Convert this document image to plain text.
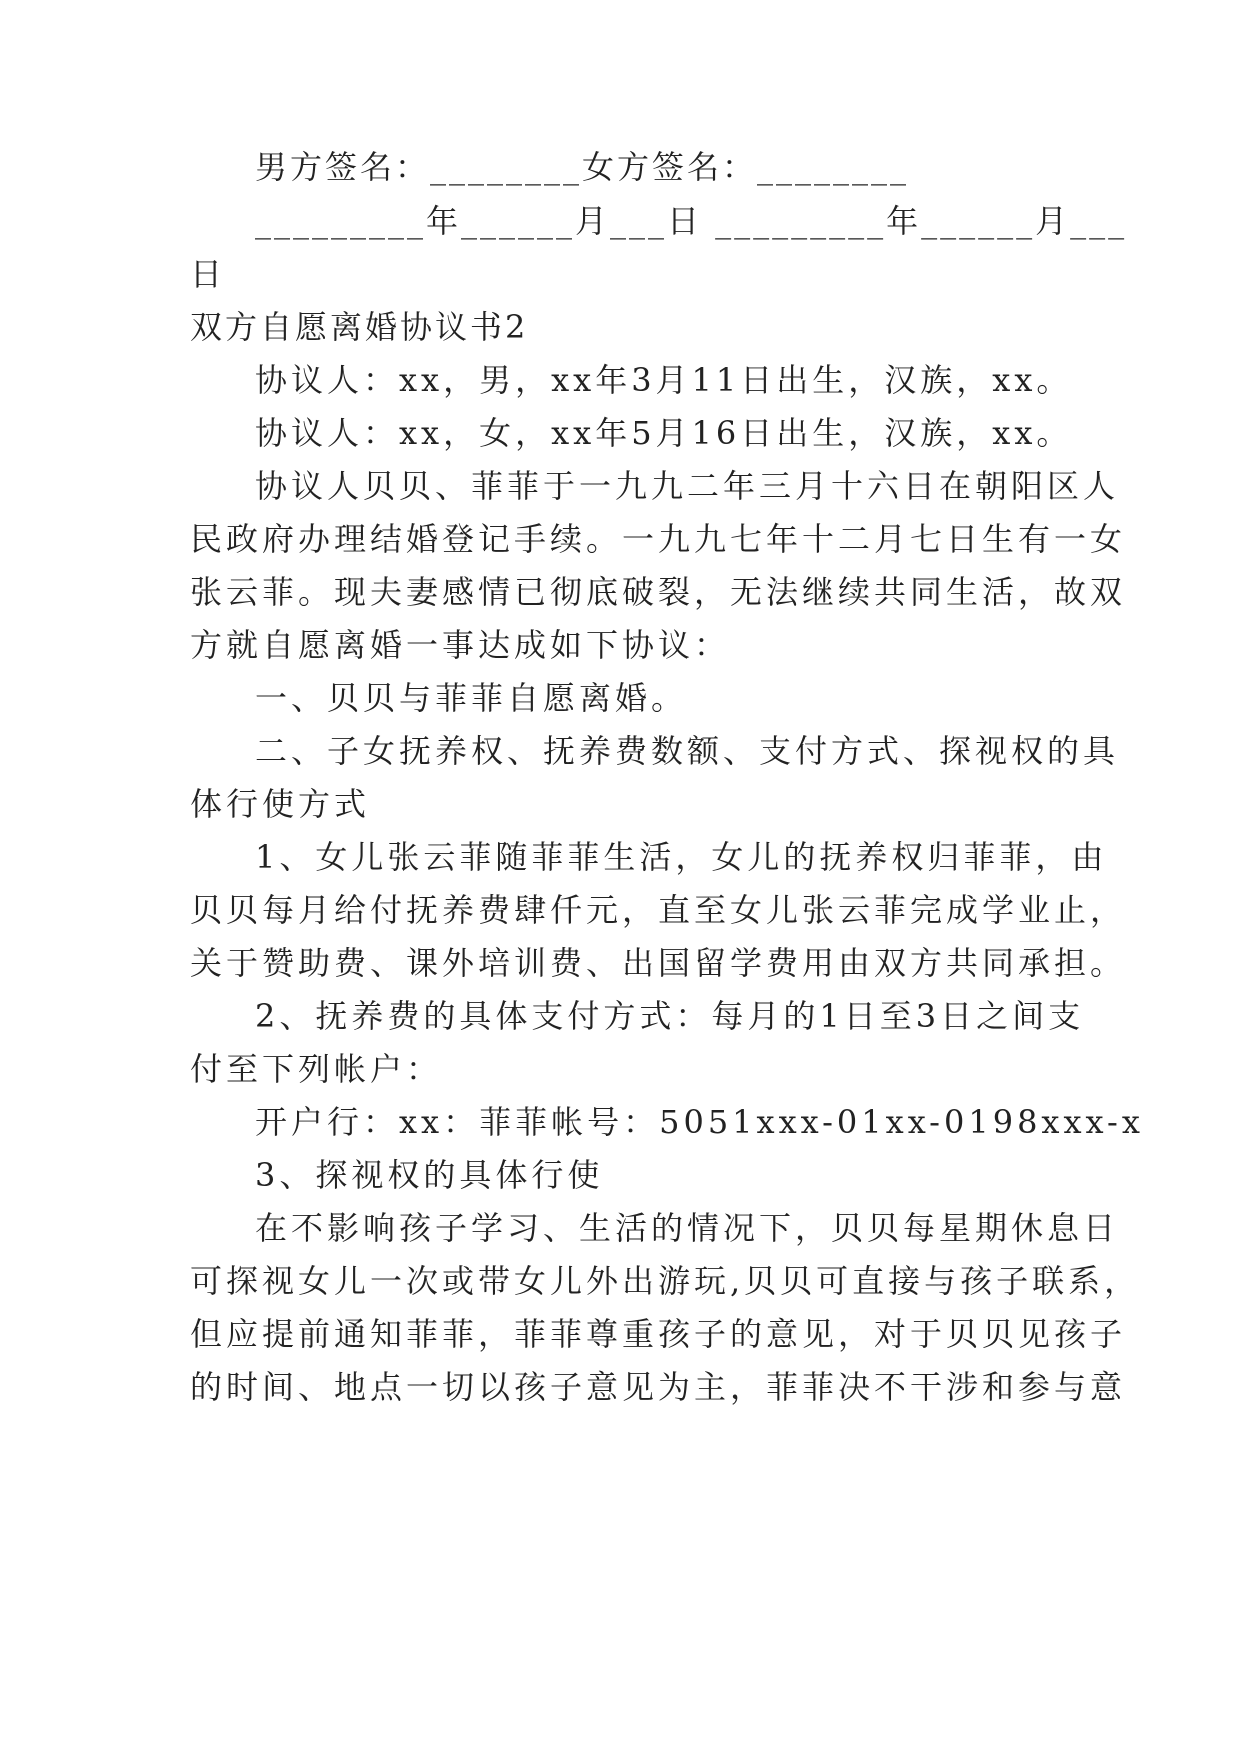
男方签名：________女方签名：________
_________年______月___日 _________年______月___
日
双方自愿离婚协议书2
协议人：xx，男，xx年3月11日出生，汉族，xx。
协议人：xx，女，xx年5月16日出生，汉族，xx。
协议人贝贝、菲菲于一九九二年三月十六日在朝阳区人
民政府办理结婚登记手续。一九九七年十二月七日生有一女
张云菲。现夫妻感情已彻底破裂，无法继续共同生活，故双
方就自愿离婚一事达成如下协议：
一、贝贝与菲菲自愿离婚。
二、子女抚养权、抚养费数额、支付方式、探视权的具
体行使方式
1、女儿张云菲随菲菲生活，女儿的抚养权归菲菲，由
贝贝每月给付抚养费肆仟元，直至女儿张云菲完成学业止，
关于赞助费、课外培训费、出国留学费用由双方共同承担。
2、抚养费的具体支付方式：每月的1日至3日之间支
付至下列帐户：
开户行：xx：菲菲帐号：5051xxx-01xx-0198xxx-x
3、探视权的具体行使
在不影响孩子学习、生活的情况下，贝贝每星期休息日
可探视女儿一次或带女儿外出游玩,贝贝可直接与孩子联系，
但应提前通知菲菲，菲菲尊重孩子的意见，对于贝贝见孩子
的时间、地点一切以孩子意见为主，菲菲决不干涉和参与意
